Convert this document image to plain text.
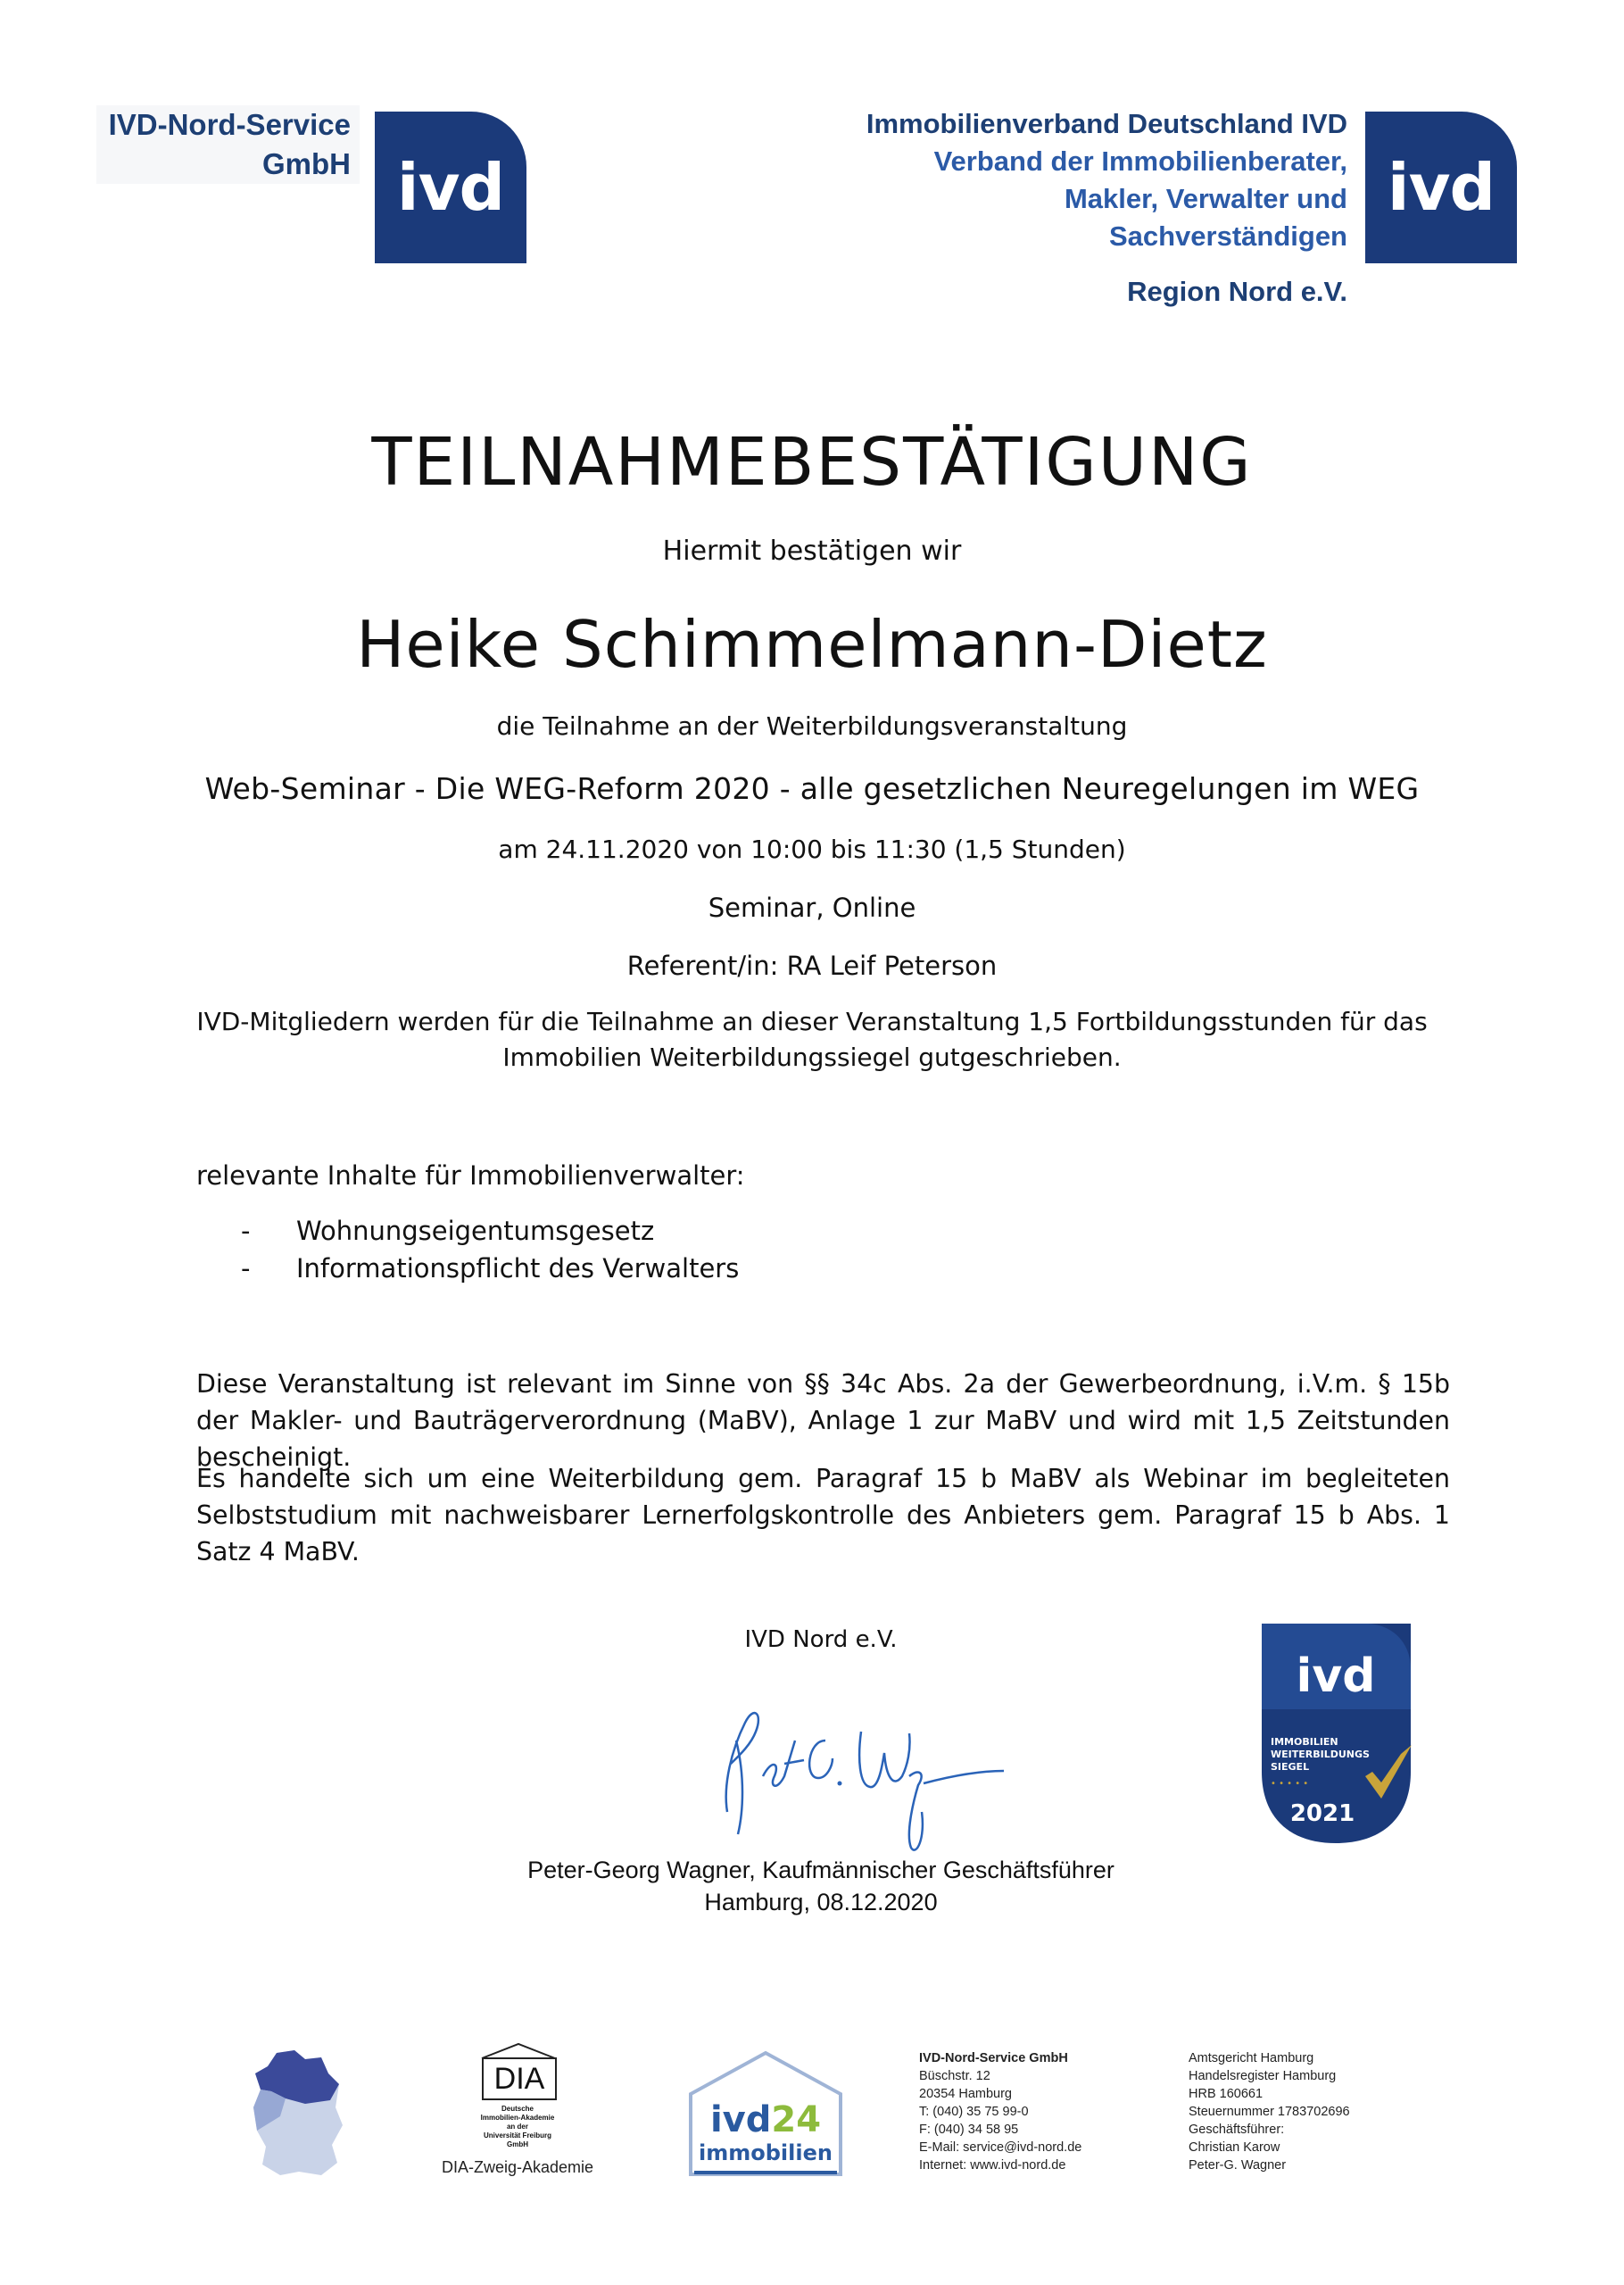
IVD-Nord-Service
GmbH ivd
Immobilienverband Deutschland IVD
Verband der Immobilienberater,
Makler, Verwalter und Sachverständigen
Region Nord e.V.
ivd
TEILNAHMEBESTÄTIGUNG
Hiermit bestätigen wir
Heike Schimmelmann-Dietz
die Teilnahme an der Weiterbildungsveranstaltung
Web-Seminar - Die WEG-Reform 2020 - alle gesetzlichen Neuregelungen im WEG
am 24.11.2020 von 10:00 bis 11:30 (1,5 Stunden)
Seminar, Online
Referent/in: RA Leif Peterson
IVD-Mitgliedern werden für die Teilnahme an dieser Veranstaltung 1,5 Fortbildungsstunden für das
Immobilien Weiterbildungssiegel gutgeschrieben.
relevante Inhalte für Immobilienverwalter:
- Wohnungseigentumsgesetz
- Informationspflicht des Verwalters
Diese Veranstaltung ist relevant im Sinne von §§ 34c Abs. 2a der Gewerbeordnung, i.V.m. § 15b der Makler- und Bauträgerverordnung (MaBV), Anlage 1 zur MaBV und wird mit 1,5 Zeitstunden bescheinigt.
Es handelte sich um eine Weiterbildung gem. Paragraf 15 b MaBV als Webinar im begleiteten Selbststudium mit nachweisbarer Lernerfolgskontrolle des Anbieters gem. Paragraf 15 b Abs. 1 Satz 4 MaBV.
IVD Nord e.V.
Peter-Georg Wagner, Kaufmännischer Geschäftsführer
Hamburg, 08.12.2020
ivd
IMMOBILIEN
WEITERBILDUNGS
SIEGEL
• • • • •
2021
DIA
Deutsche
Immobilien-Akademie
an der
Universität Freiburg
GmbH
DIA-Zweig-Akademie
ivd24
immobilien
IVD-Nord-Service GmbH
Büschstr. 12
20354 Hamburg
T: (040) 35 75 99-0
F: (040) 34 58 95
E-Mail: service@ivd-nord.de
Internet: www.ivd-nord.de
Amtsgericht Hamburg
Handelsregister Hamburg
HRB 160661
Steuernummer 1783702696
Geschäftsführer:
Christian Karow
Peter-G. Wagner
